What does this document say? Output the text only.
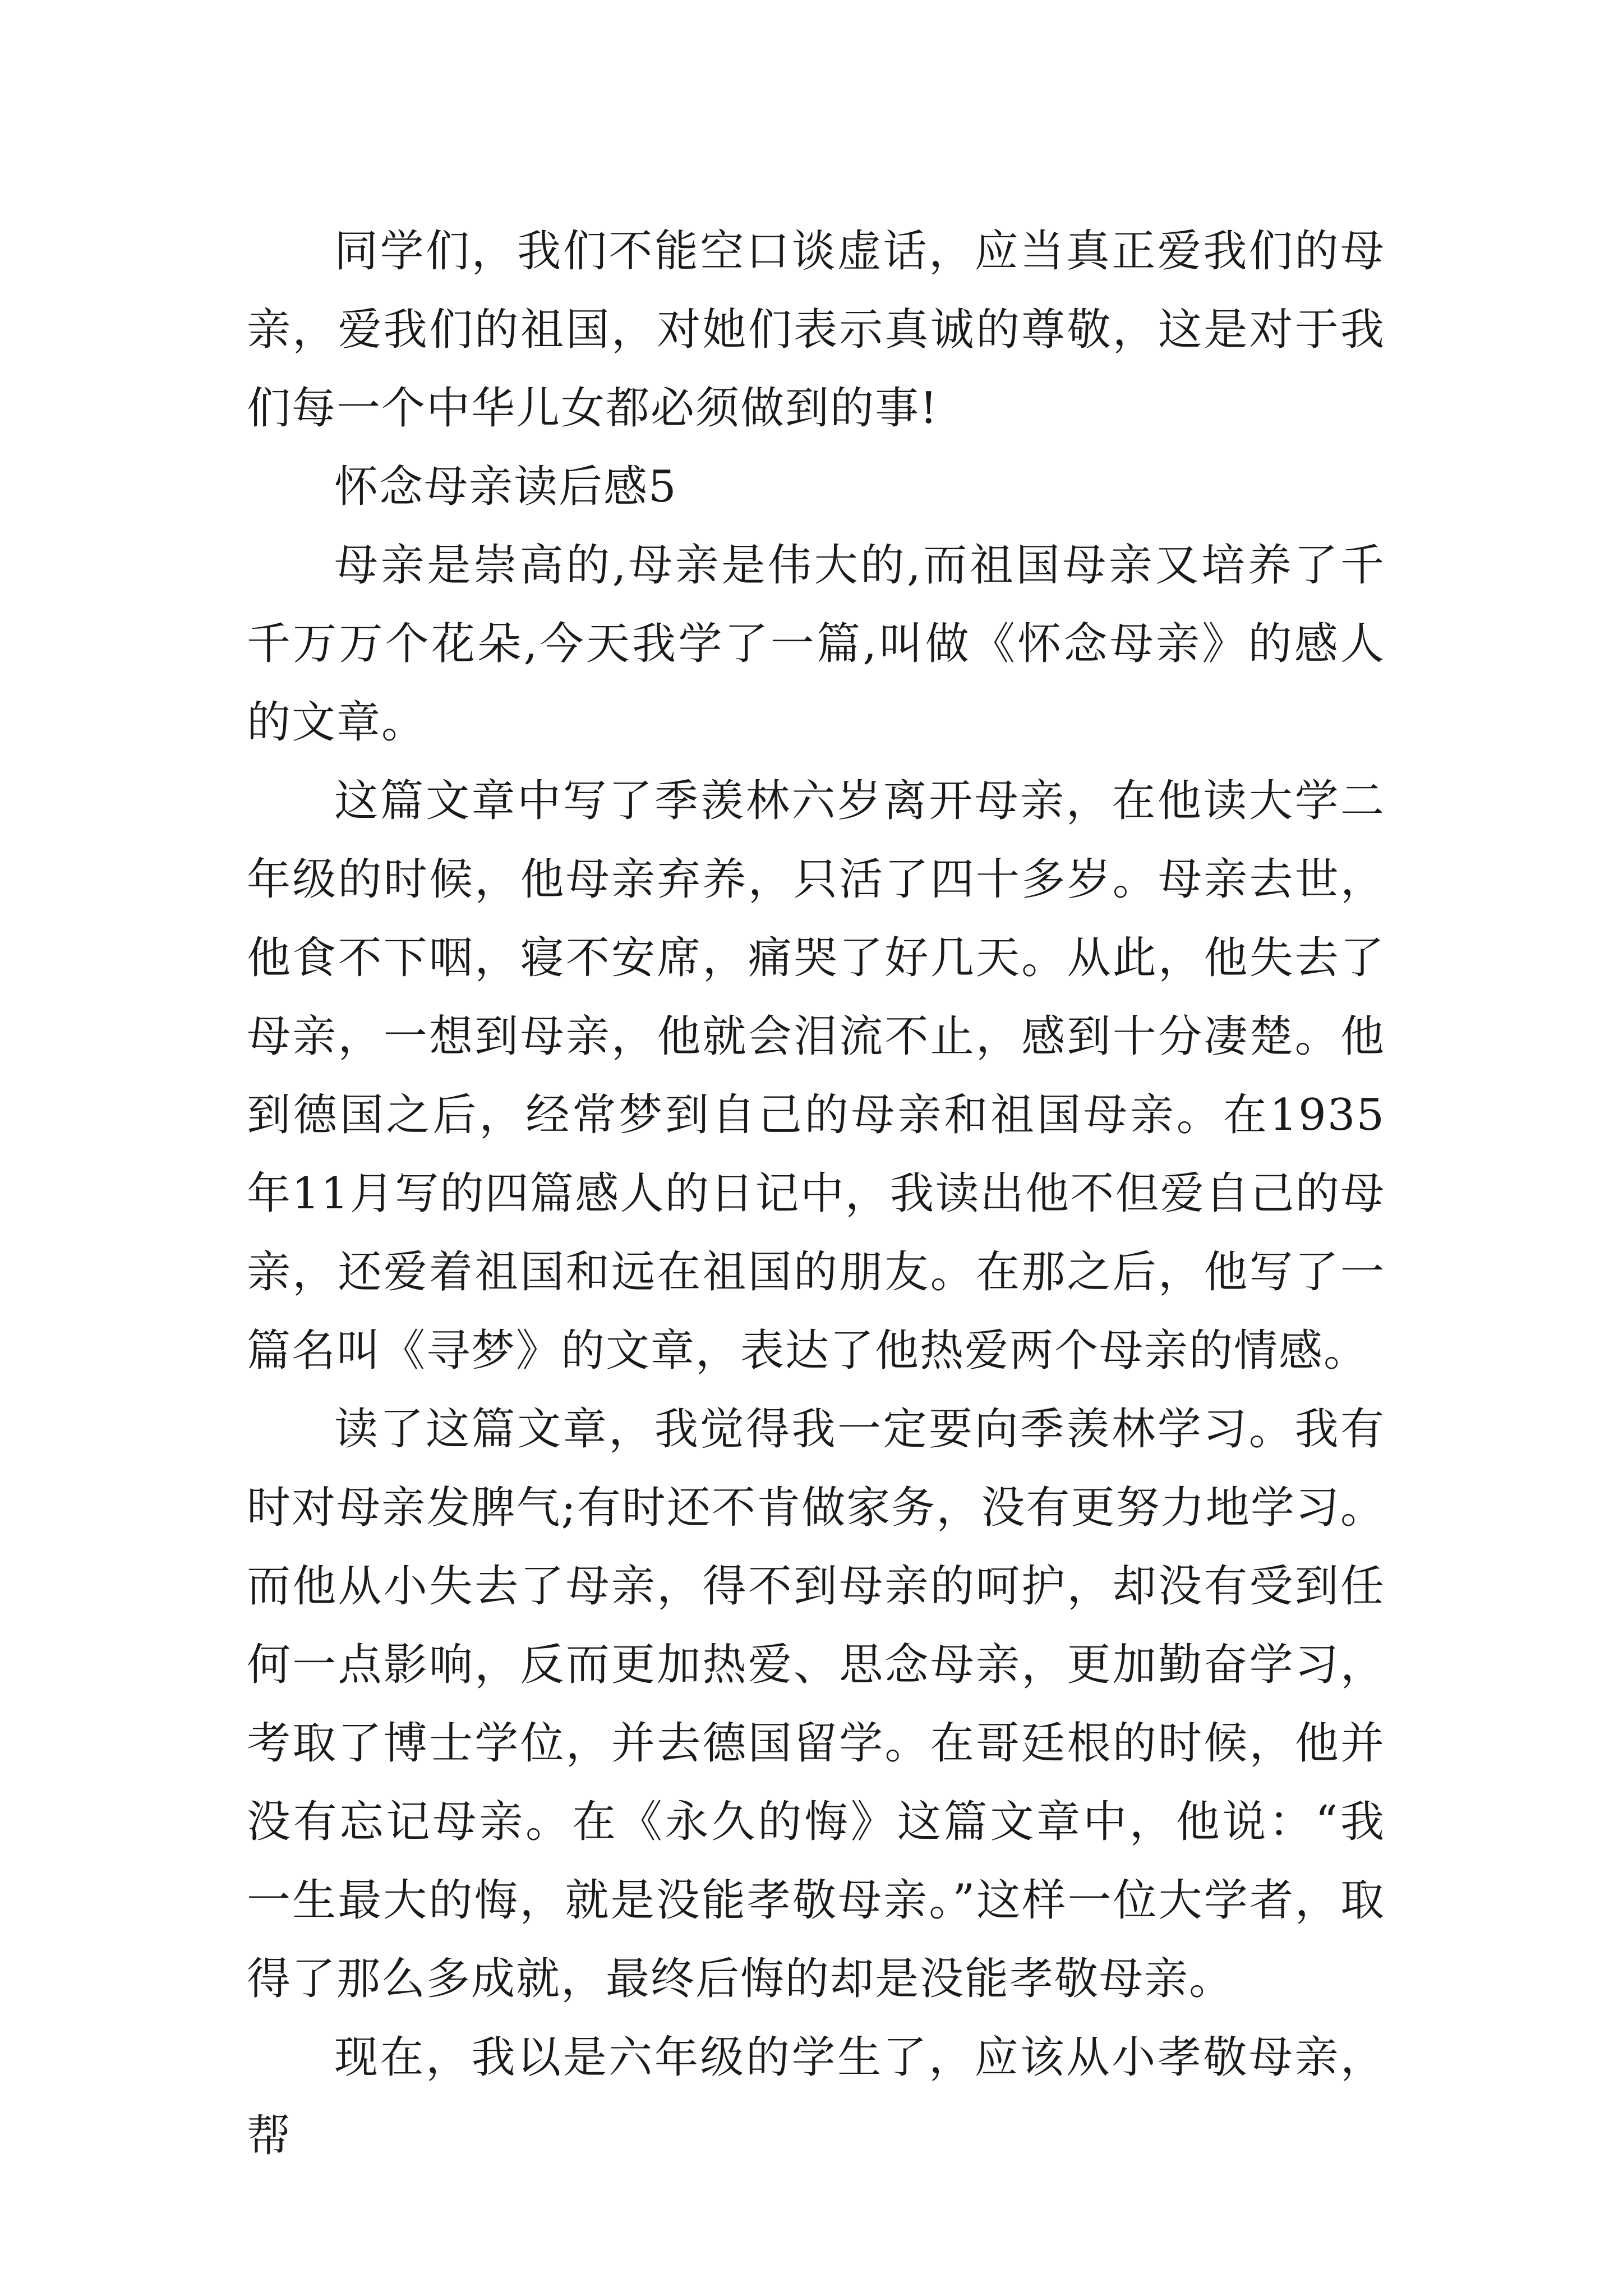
同学们，我们不能空口谈虚话，应当真正爱我们的母亲，爱我们的祖国，对她们表示真诚的尊敬，这是对于我们每一个中华儿女都必须做到的事!

怀念母亲读后感5

母亲是崇高的,母亲是伟大的,而祖国母亲又培养了千千万万个花朵,今天我学了一篇,叫做《怀念母亲》的感人的文章。

这篇文章中写了季羡林六岁离开母亲，在他读大学二年级的时候，他母亲弃养，只活了四十多岁。母亲去世，他食不下咽，寝不安席，痛哭了好几天。从此，他失去了母亲，一想到母亲，他就会泪流不止，感到十分凄楚。他到德国之后，经常梦到自己的母亲和祖国母亲。在1935年11月写的四篇感人的日记中，我读出他不但爱自己的母亲，还爱着祖国和远在祖国的朋友。在那之后，他写了一篇名叫《寻梦》的文章，表达了他热爱两个母亲的情感。

读了这篇文章，我觉得我一定要向季羡林学习。我有时对母亲发脾气;有时还不肯做家务，没有更努力地学习。而他从小失去了母亲，得不到母亲的呵护，却没有受到任何一点影响，反而更加热爱、思念母亲，更加勤奋学习，考取了博士学位，并去德国留学。在哥廷根的时候，他并没有忘记母亲。在《永久的悔》这篇文章中，他说：“我一生最大的悔，就是没能孝敬母亲。”这样一位大学者，取得了那么多成就，最终后悔的却是没能孝敬母亲。

现在，我以是六年级的学生了，应该从小孝敬母亲，帮
